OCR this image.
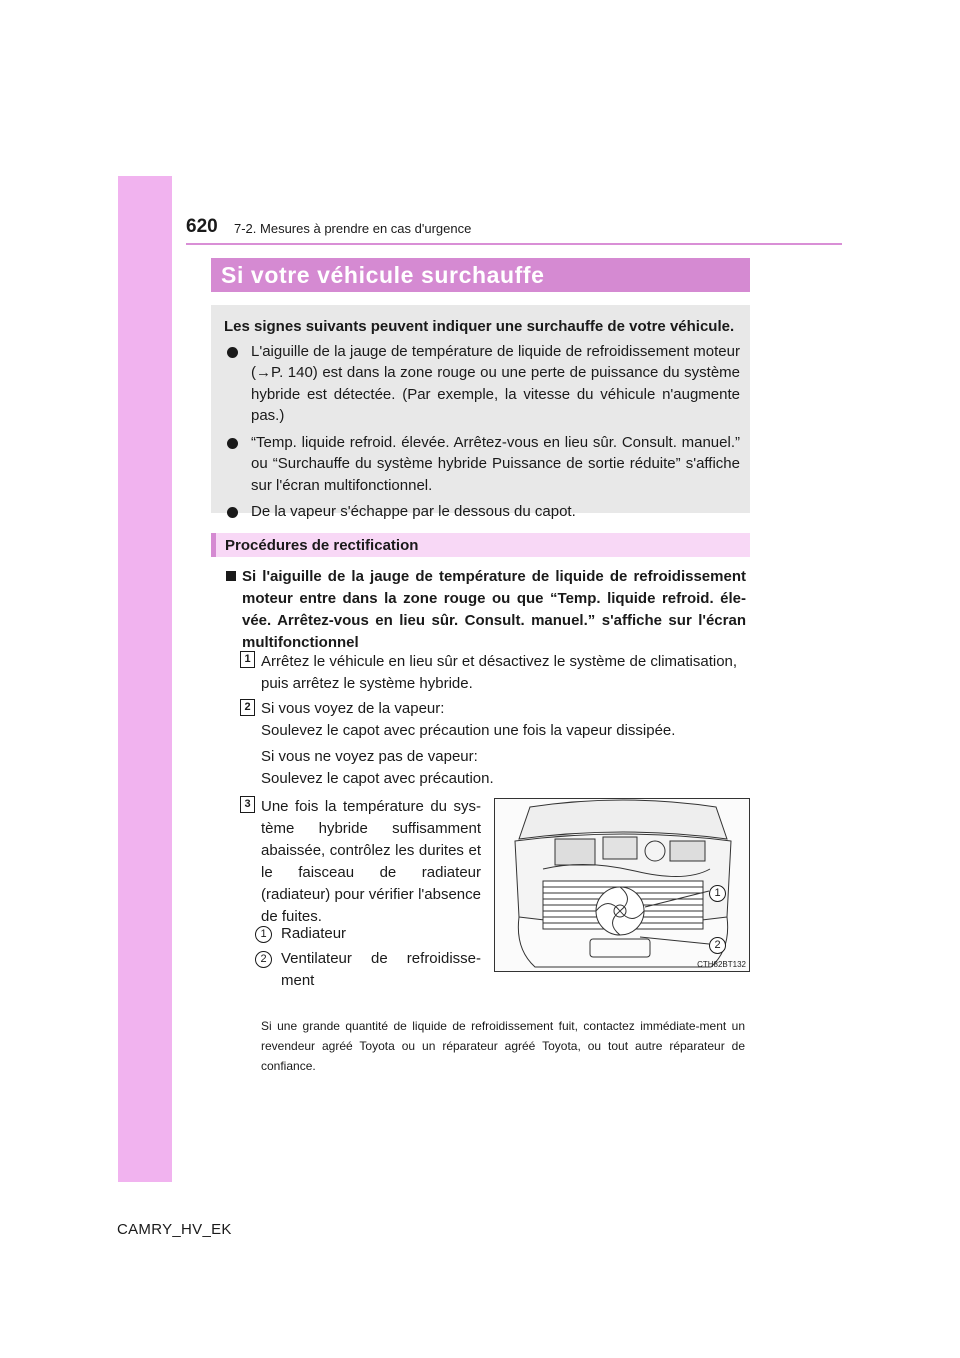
620 7-2. Mesures à prendre en cas d'urgence
Si votre véhicule surchauffe
Les signes suivants peuvent indiquer une surchauffe de votre véhicule.
L'aiguille de la jauge de température de liquide de refroidissement moteur (→P. 140) est dans la zone rouge ou une perte de puissance du système hybride est détectée. (Par exemple, la vitesse du véhicule n'augmente pas.)
“Temp. liquide refroid. élevée. Arrêtez-vous en lieu sûr. Consult. manuel.” ou “Surchauffe du système hybride Puissance de sortie réduite” s'affiche sur l'écran multifonctionnel.
De la vapeur s'échappe par le dessous du capot.
Procédures de rectification
Si l'aiguille de la jauge de température de liquide de refroidissement moteur entre dans la zone rouge ou que “Temp. liquide refroid. éle-vée. Arrêtez-vous en lieu sûr. Consult. manuel.” s'affiche sur l'écran multifonctionnel
1 Arrêtez le véhicule en lieu sûr et désactivez le système de climatisation, puis arrêtez le système hybride.
2 Si vous voyez de la vapeur:
Soulevez le capot avec précaution une fois la vapeur dissipée.
Si vous ne voyez pas de vapeur:
Soulevez le capot avec précaution.
3 Une fois la température du sys-tème hybride suffisamment abaissée, contrôlez les durites et le faisceau de radiateur (radiateur) pour vérifier l'absence de fuites.
1
2
CTH82BT132
1 Radiateur
2 Ventilateur de refroidisse-ment
Si une grande quantité de liquide de refroidissement fuit, contactez immédiate-ment un revendeur agréé Toyota ou un réparateur agréé Toyota, ou tout autre réparateur de confiance.
CAMRY_HV_EK
